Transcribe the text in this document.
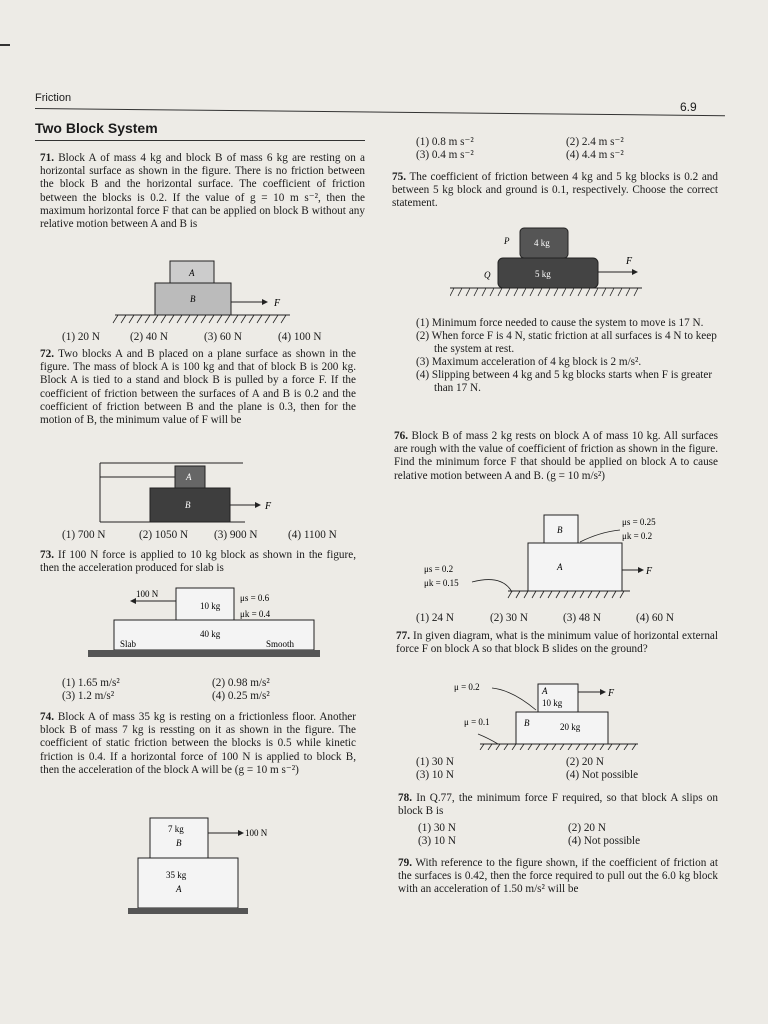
Friction
6.9
Two Block System
71. Block A of mass 4 kg and block B of mass 6 kg are resting on a horizontal surface as shown in the figure. There is no friction between the block B and the horizontal surface. The coefficient of friction between the blocks is 0.2. If the value of g = 10 m s⁻², then the maximum horizontal force F that can be applied on block B without any relative motion between A and B is
A
B	F
(1) 20 N	(2) 40 N	(3) 60 N	(4) 100 N
72. Two blocks A and B placed on a plane surface as shown in the figure. The mass of block A is 100 kg and that of block B is 200 kg. Block A is tied to a stand and block B is pulled by a force F. If the coefficient of friction between the surfaces of A and B is 0.2 and the coefficient of friction between B and the plane is 0.3, then for the motion of B, the minimum value of F will be
A
B	F
(1) 700 N	(2) 1050 N (3) 900 N	(4) 1100 N
73. If 100 N force is applied to 10 kg block as shown in the figure, then the acceleration produced for slab is
100 N
10 kg
μs = 0.6
μk = 0.4
40 kg
Slab	Smooth
(1) 1.65 m/s²	(2) 0.98 m/s²
(3) 1.2 m/s²	(4) 0.25 m/s²
74. Block A of mass 35 kg is resting on a frictionless floor. Another block B of mass 7 kg is ressting on it as shown in the figure. The coefficient of static friction between the blocks is 0.5 while kinetic friction is 0.4. If a horizontal force of 100 N is applied to block B, then the acceleration of the block A will be (g = 10 m s⁻²)
100 N
7 kg
B
35 kg
A
(1) 0.8 m s⁻²	(2) 2.4 m s⁻²
(3) 0.4 m s⁻²	(4) 4.4 m s⁻²
75. The coefficient of friction between 4 kg and 5 kg blocks is 0.2 and between 5 kg block and ground is 0.1, respectively. Choose the correct statement.
4 kg
5 kg
P
Q
F
(1) Minimum force needed to cause the system to move is 17 N.
(2) When force F is 4 N, static friction at all surfaces is 4 N to keep the system at rest.
(3) Maximum acceleration of 4 kg block is 2 m/s².
(4) Slipping between 4 kg and 5 kg blocks starts when F is greater than 17 N.
76. Block B of mass 2 kg rests on block A of mass 10 kg. All surfaces are rough with the value of coefficient of friction as shown in the figure. Find the minimum force F that should be applied on block A to cause relative motion between A and B. (g = 10 m/s²)
B
A	F
μs = 0.25
μk = 0.2
μs = 0.2
μk = 0.15
(1) 24 N	(2) 30 N	(3) 48 N	(4) 60 N
77. In given diagram, what is the minimum value of horizontal external force F on block A so that block B slides on the ground?
μ = 0.2
μ = 0.1
A
10 kg
B	20 kg
F
(1) 30 N	(2) 20 N
(3) 10 N	(4) Not possible
78. In Q.77, the minimum force F required, so that block A slips on block B is
(1) 30 N	(2) 20 N
(3) 10 N	(4) Not possible
79. With reference to the figure shown, if the coefficient of friction at the surfaces is 0.42, then the force required to pull out the 6.0 kg block with an acceleration of 1.50 m/s² will be
